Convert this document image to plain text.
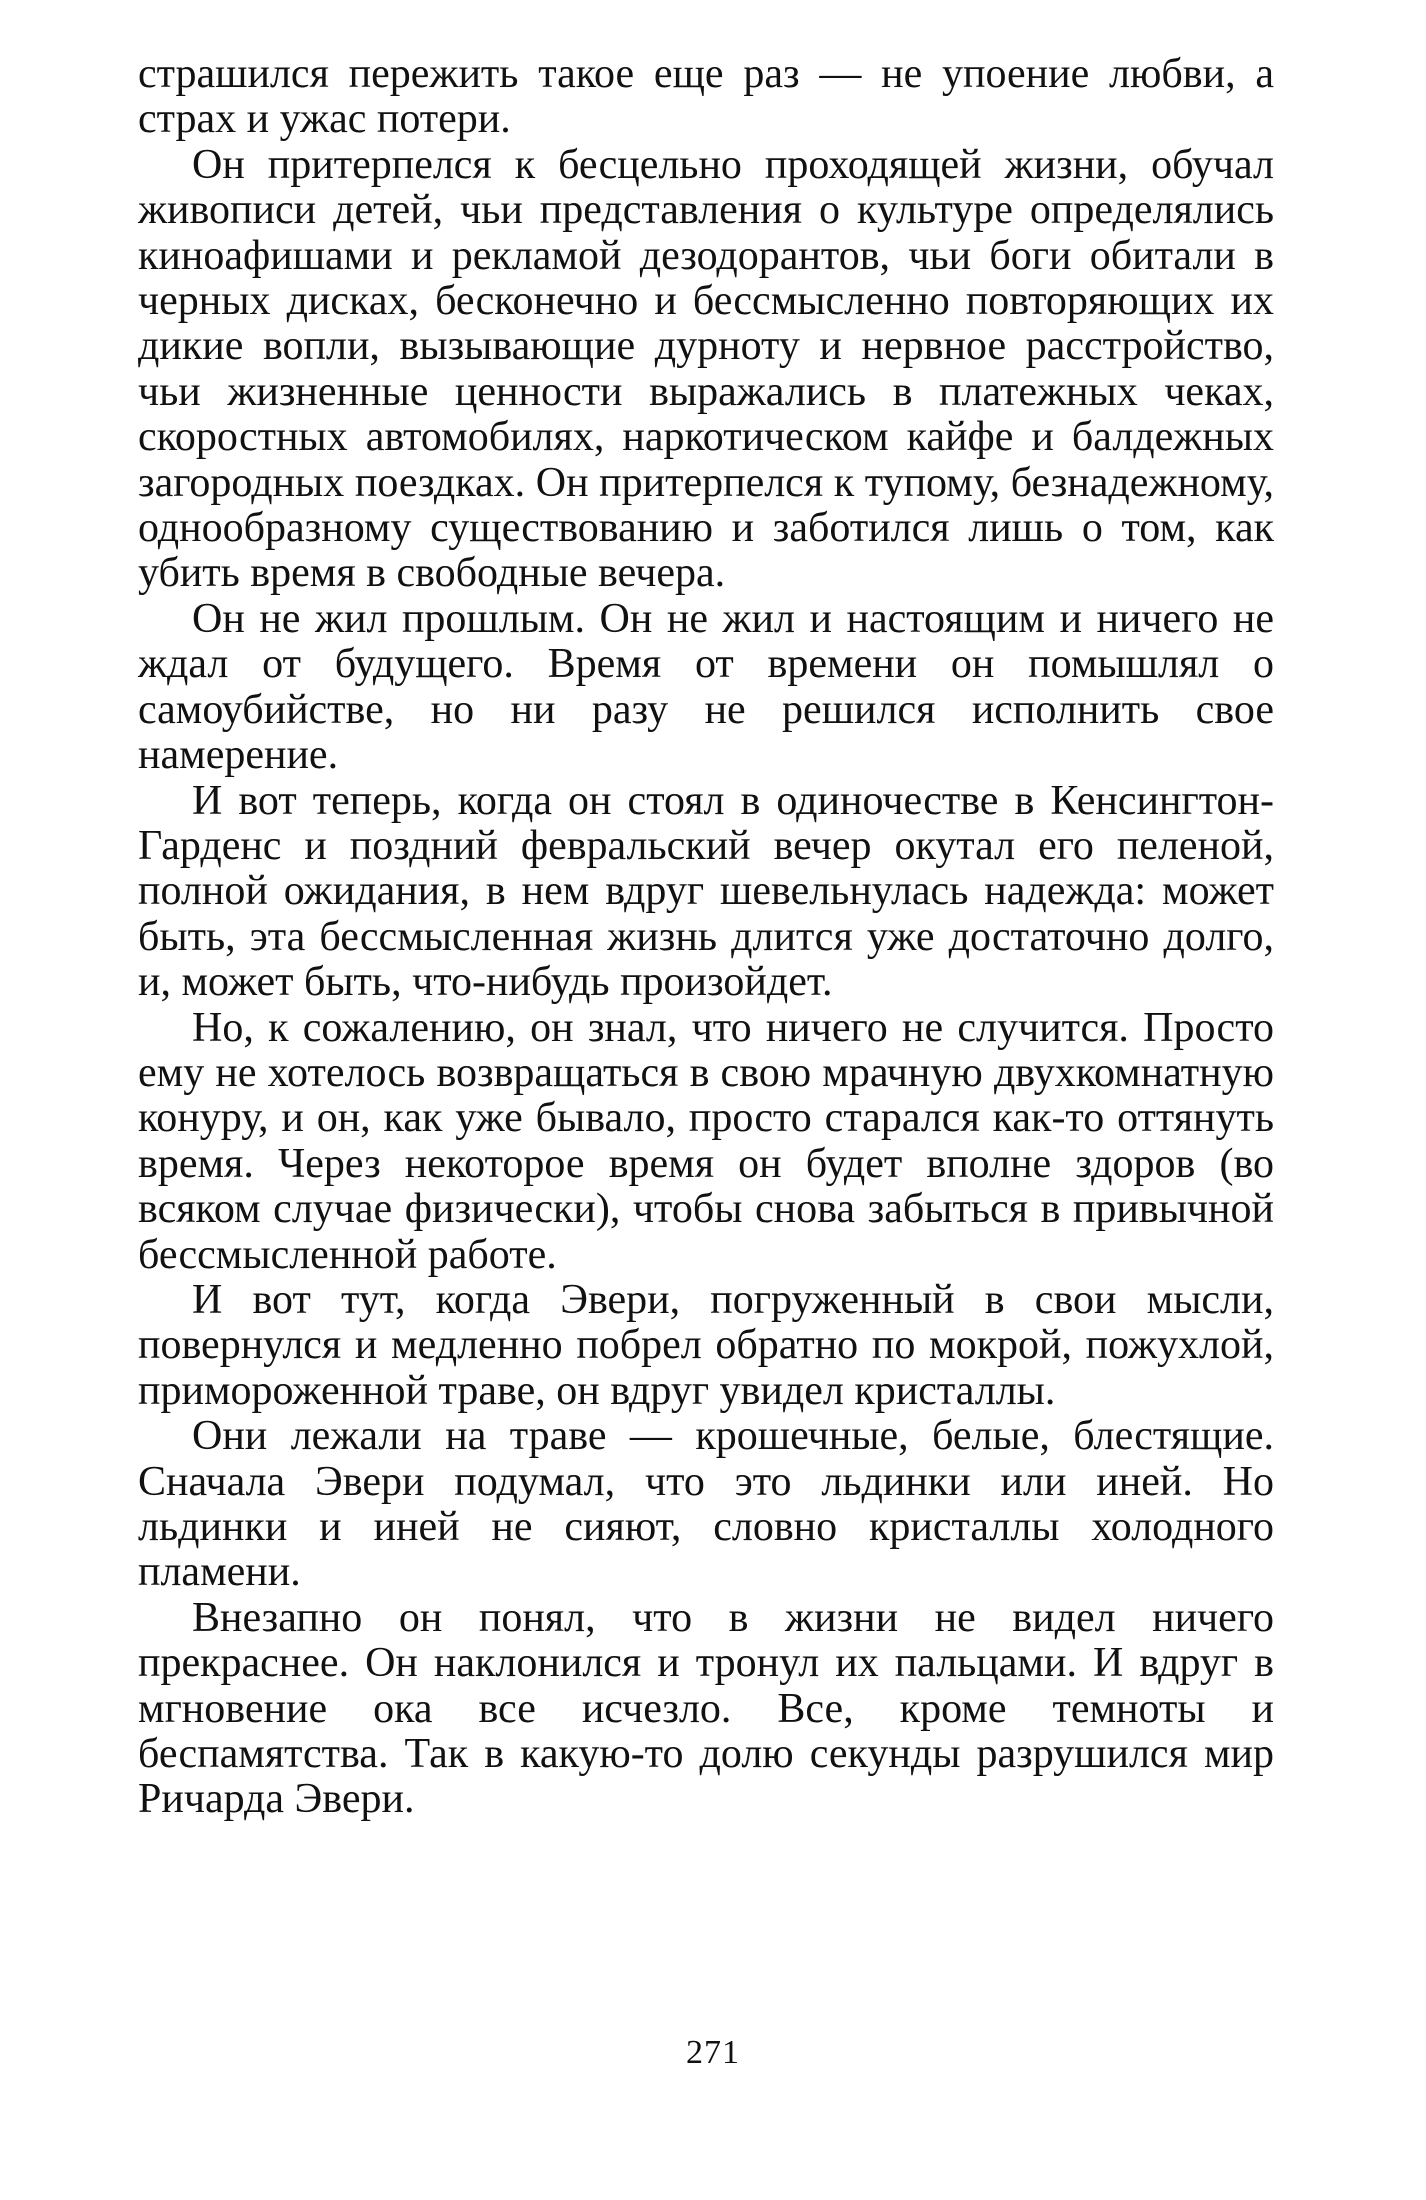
страшился пережить такое еще раз — не упоение любви, а страх и ужас потери.

Он притерпелся к бесцельно проходящей жизни, обучал живописи детей, чьи представления о культуре определялись киноафишами и рекламой дезодорантов, чьи боги обитали в черных дисках, бесконечно и бессмысленно повторяющих их дикие вопли, вызывающие дурноту и нервное расстройство, чьи жизненные ценности выражались в платежных чеках, скоростных автомобилях, наркотическом кайфе и балдежных загородных поездках. Он притерпелся к тупому, безнадежному, однообразному существованию и заботился лишь о том, как убить время в свободные вечера.

Он не жил прошлым. Он не жил и настоящим и ничего не ждал от будущего. Время от времени он помышлял о самоубийстве, но ни разу не решился исполнить свое намерение.

И вот теперь, когда он стоял в одиночестве в Кенсингтон-Гарденс и поздний февральский вечер окутал его пеленой, полной ожидания, в нем вдруг шевельнулась надежда: может быть, эта бессмысленная жизнь длится уже достаточно долго, и, может быть, что-нибудь произойдет.

Но, к сожалению, он знал, что ничего не случится. Просто ему не хотелось возвращаться в свою мрачную двухкомнатную конуру, и он, как уже бывало, просто старался как-то оттянуть время. Через некоторое время он будет вполне здоров (во всяком случае физически), чтобы снова забыться в привычной бессмысленной работе.

И вот тут, когда Эвери, погруженный в свои мысли, повернулся и медленно побрел обратно по мокрой, пожухлой, примороженной траве, он вдруг увидел кристаллы.

Они лежали на траве — крошечные, белые, блестящие. Сначала Эвери подумал, что это льдинки или иней. Но льдинки и иней не сияют, словно кристаллы холодного пламени.

Внезапно он понял, что в жизни не видел ничего прекраснее. Он наклонился и тронул их пальцами. И вдруг в мгновение ока все исчезло. Все, кроме темноты и беспамятства. Так в какую-то долю секунды разрушился мир Ричарда Эвери.

271
